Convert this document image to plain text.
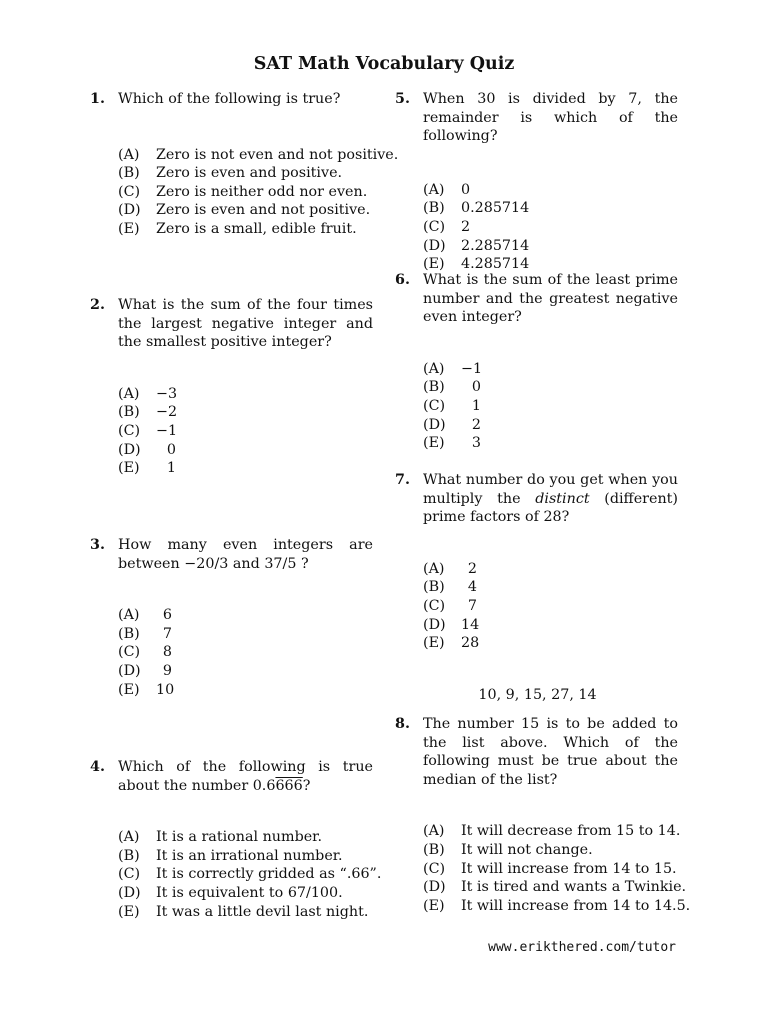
SAT Math Vocabulary Quiz
1. Which of the following is true?
(A)	Zero is not even and not positive.
(B)	Zero is even and positive.
(C)	Zero is neither odd nor even.
(D)	Zero is even and not positive.
(E)	Zero is a small, edible fruit.
2. What is the sum of the four times the largest negative integer and the smallest positive integer?
(A)	−3
(B)	−2
(C)	−1
(D)	0
(E)	1
3. How many even integers are between −20/3 and 37/5 ?
(A)	6
(B)	7
(C)	8
(D)	9
(E)	10
4. Which of the following is true about the number 0.6666?
(A)	It is a rational number.
(B)	It is an irrational number.
(C)	It is correctly gridded as “.66”.
(D)	It is equivalent to 67/100.
(E)	It was a little devil last night.
5. When 30 is divided by 7, the remainder is which of the following?
(A)	0
(B)	0.285714
(C)	2
(D)	2.285714
(E)	4.285714
6. What is the sum of the least prime number and the greatest negative even integer?
(A)	−1
(B)	0
(C)	1
(D)	2
(E)	3
7. What number do you get when you multiply the distinct (different) prime factors of 28?
(A)	2
(B)	4
(C)	7
(D)	14
(E)	28
10, 9, 15, 27, 14
8. The number 15 is to be added to the list above. Which of the following must be true about the median of the list?
(A)	It will decrease from 15 to 14.
(B)	It will not change.
(C)	It will increase from 14 to 15.
(D)	It is tired and wants a Twinkie.
(E)	It will increase from 14 to 14.5.
www.erikthered.com/tutor
